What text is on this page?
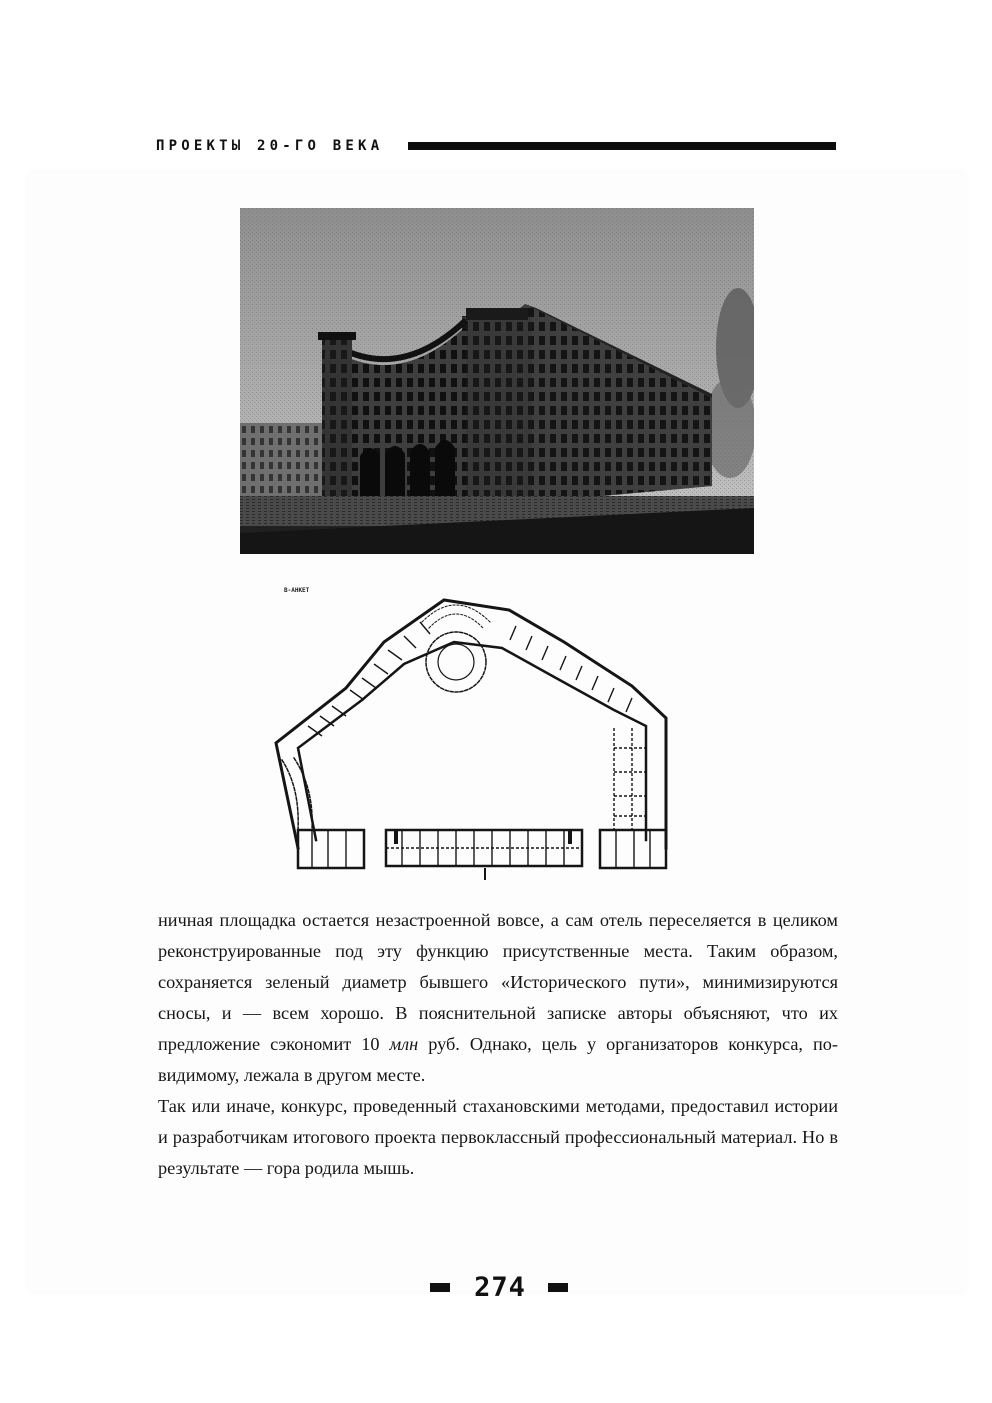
ПРОЕКТЫ 20-ГО ВЕКА
В-АНКЕТ

ничная площадка остается незастроенной вовсе, а сам отель переселяется в целиком реконструированные под эту функцию присутственные места. Таким образом, сохраняется зеленый диаметр бывшего «Исторического пути», минимизируются сносы, и — всем хорошо. В пояснительной записке авторы объясняют, что их предложение сэкономит 10 млн руб. Однако, цель у организаторов конкурса, по-видимому, лежала в другом месте.

Так или иначе, конкурс, проведенный стахановскими методами, предоставил истории и разработчикам итогового проекта первоклассный профессиональный материал. Но в результате — гора родила мышь.

274
